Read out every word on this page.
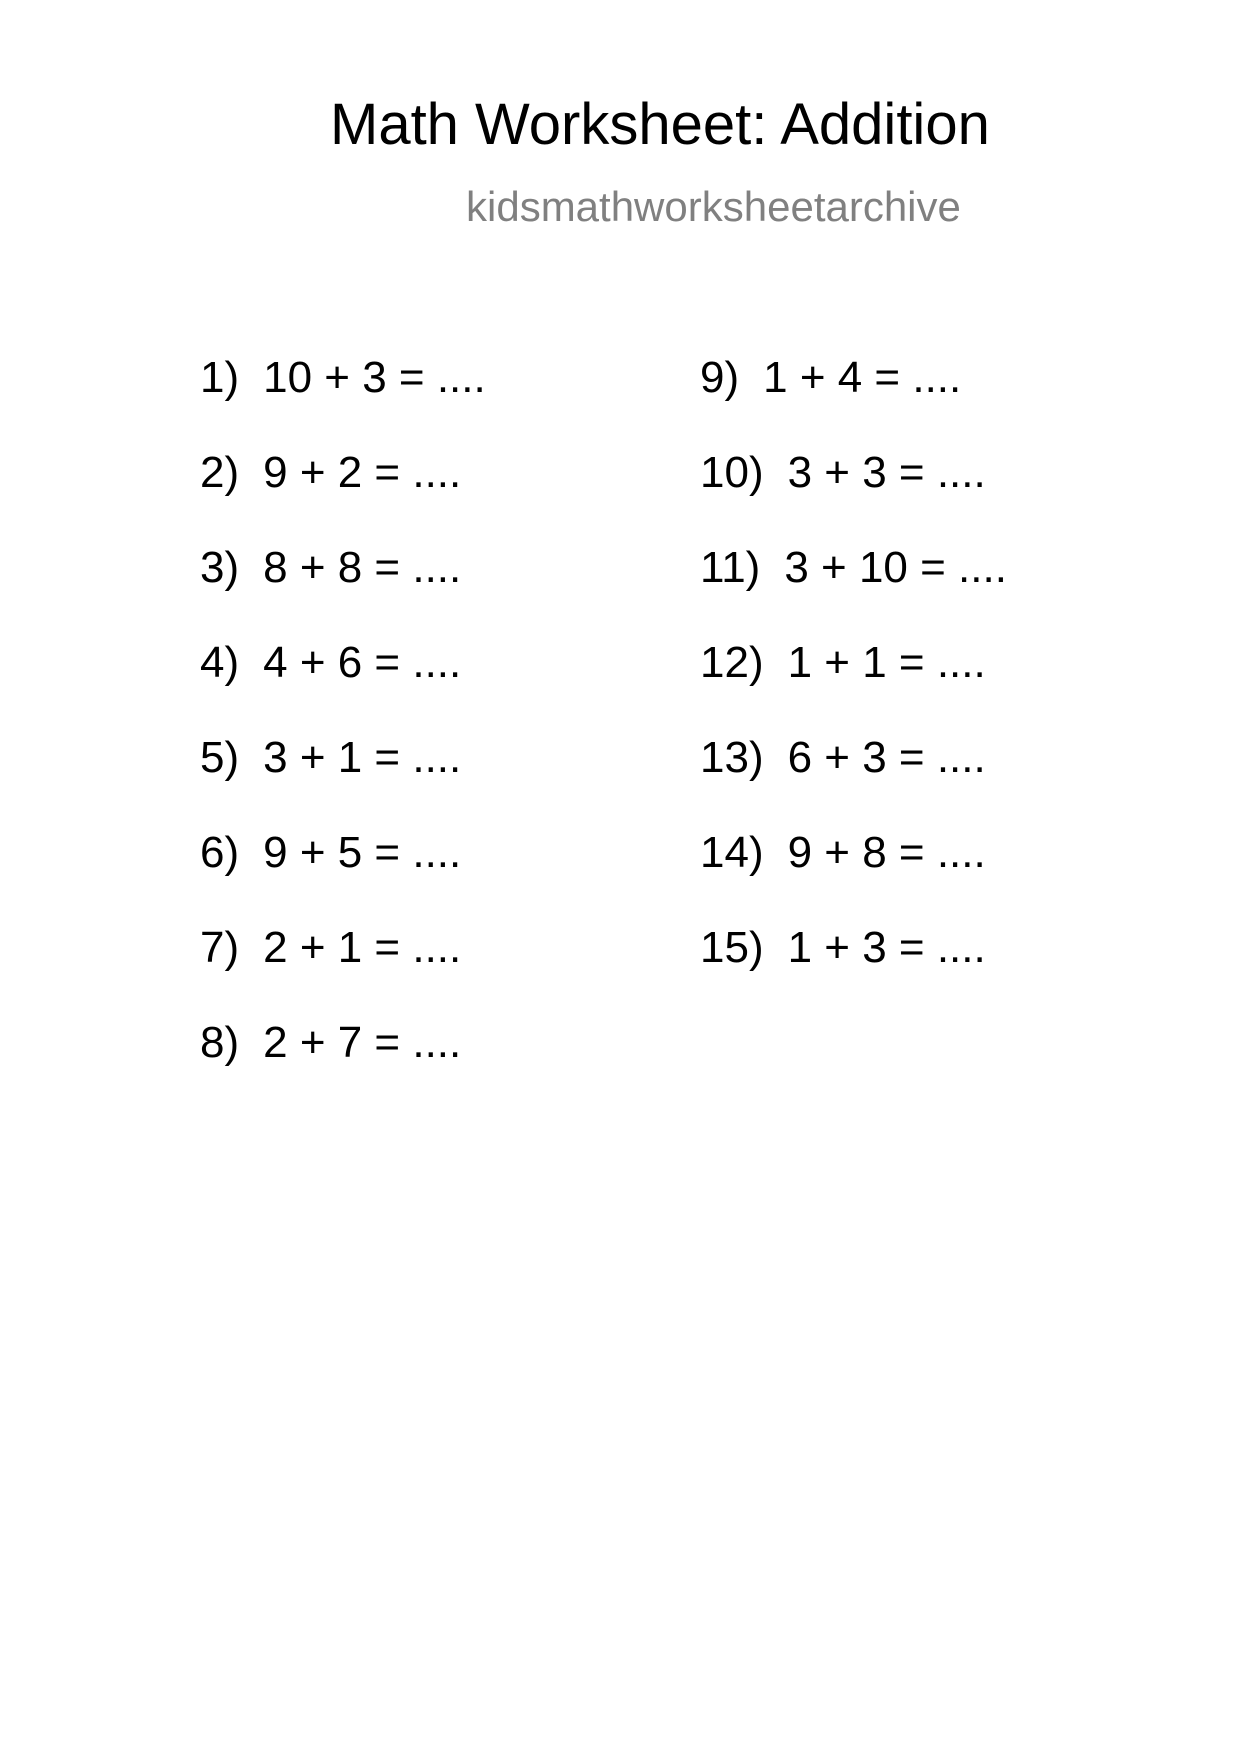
Math Worksheet: Addition
kidsmathworksheetarchive
1) 10 + 3 = ....
2) 9 + 2 = ....
3) 8 + 8 = ....
4) 4 + 6 = ....
5) 3 + 1 = ....
6) 9 + 5 = ....
7) 2 + 1 = ....
8) 2 + 7 = ....
9) 1 + 4 = ....
10) 3 + 3 = ....
11) 3 + 10 = ....
12) 1 + 1 = ....
13) 6 + 3 = ....
14) 9 + 8 = ....
15) 1 + 3 = ....
